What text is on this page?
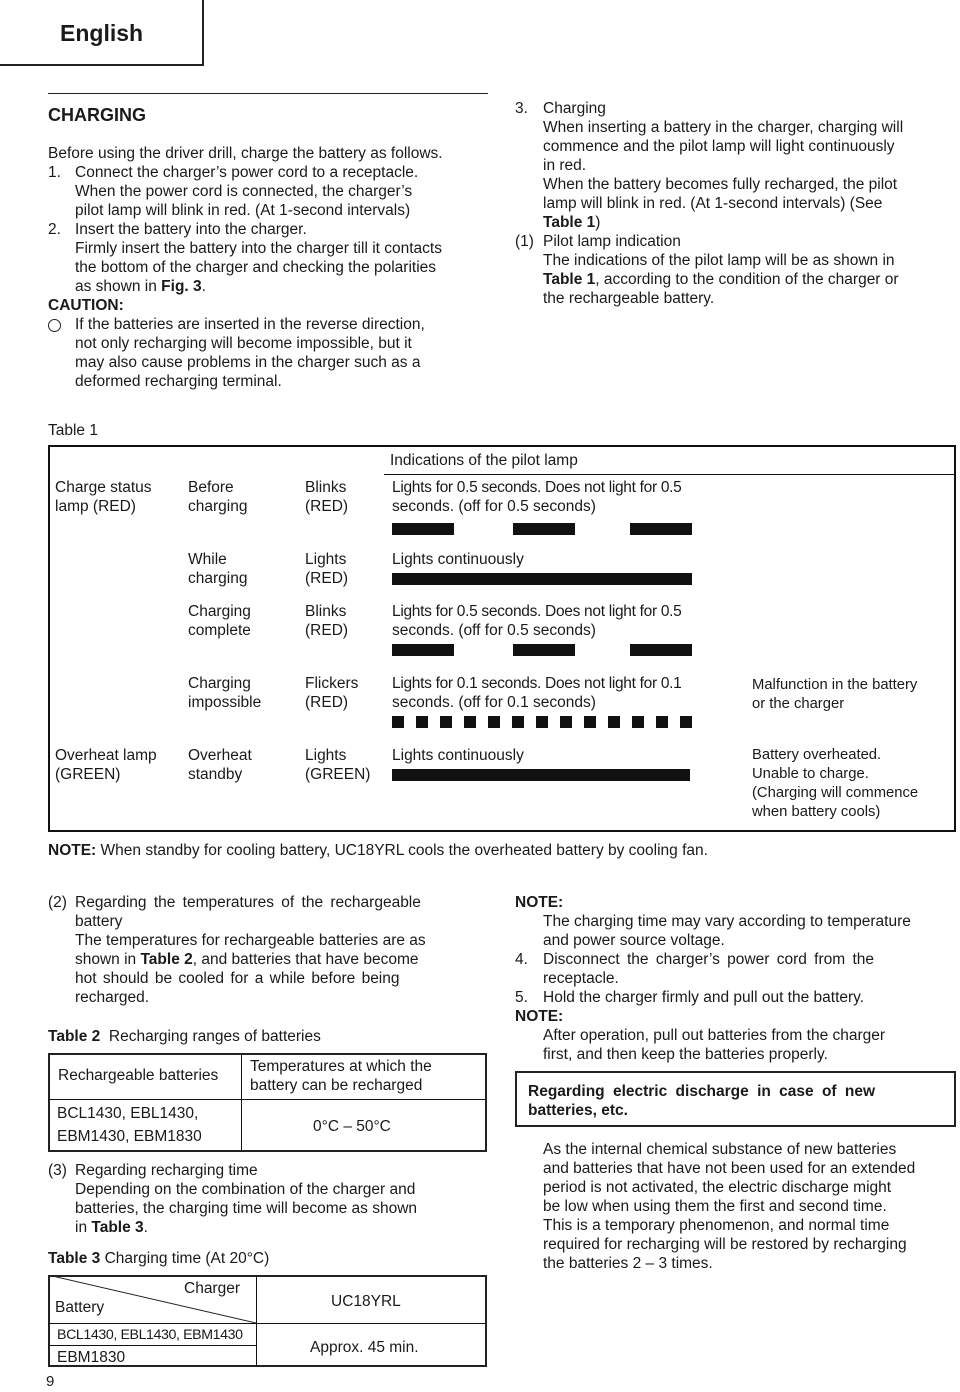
English
CHARGING
Before using the driver drill, charge the battery as follows.
1. Connect the charger’s power cord to a receptacle.
When the power cord is connected, the charger’s
pilot lamp will blink in red. (At 1-second intervals)
2. Insert the battery into the charger.
Firmly insert the battery into the charger till it contacts
the bottom of the charger and checking the polarities
as shown in Fig. 3.
CAUTION:
If the batteries are inserted in the reverse direction,
not only recharging will become impossible, but it
may also cause problems in the charger such as a
deformed recharging terminal.
3. Charging
When inserting a battery in the charger, charging will
commence and the pilot lamp will light continuously
in red.
When the battery becomes fully recharged, the pilot
lamp will blink in red. (At 1-second intervals) (See
Table 1)
(1) Pilot lamp indication
The indications of the pilot lamp will be as shown in
Table 1, according to the condition of the charger or
the rechargeable battery.
Table 1
Indications of the pilot lamp
Charge status
lamp (RED)
Overheat lamp
(GREEN)
Before
charging
Blinks
(RED)
Lights for 0.5 seconds. Does not light for 0.5
seconds. (off for 0.5 seconds)
While
charging
Lights
(RED)
Lights continuously
Charging
complete
Blinks
(RED)
Lights for 0.5 seconds. Does not light for 0.5
seconds. (off for 0.5 seconds)
Charging
impossible
Flickers
(RED)
Lights for 0.1 seconds. Does not light for 0.1
seconds. (off for 0.1 seconds)
Malfunction in the battery
or the charger
Overheat
standby
Lights
(GREEN)
Lights continuously	Battery overheated.
Unable to charge.
(Charging will commence
when battery cools)
NOTE: When standby for cooling battery, UC18YRL cools the overheated battery by cooling fan.
(2) Regarding the temperatures of the rechargeable
battery
The temperatures for rechargeable batteries are as
shown in Table 2, and batteries that have become
hot should be cooled for a while before being
recharged.
Table 2 Recharging ranges of batteries
Rechargeable batteries
Temperatures at which the
battery can be recharged
BCL1430, EBL1430,
EBM1430, EBM1830
0°C – 50°C
(3) Regarding recharging time
Depending on the combination of the charger and
batteries, the charging time will become as shown
in Table 3.
Table 3 Charging time (At 20°C)
Charger
Battery	UC18YRL
BCL1430, EBL1430, EBM1430
EBM1830
Approx. 45 min.
NOTE:
The charging time may vary according to temperature
and power source voltage.
4. Disconnect the charger’s power cord from the
receptacle.
5. Hold the charger firmly and pull out the battery.
NOTE:
After operation, pull out batteries from the charger
first, and then keep the batteries properly.
Regarding electric discharge in case of new
batteries, etc.
As the internal chemical substance of new batteries
and batteries that have not been used for an extended
period is not activated, the electric discharge might
be low when using them the first and second time.
This is a temporary phenomenon, and normal time
required for recharging will be restored by recharging
the batteries 2 – 3 times.
9
